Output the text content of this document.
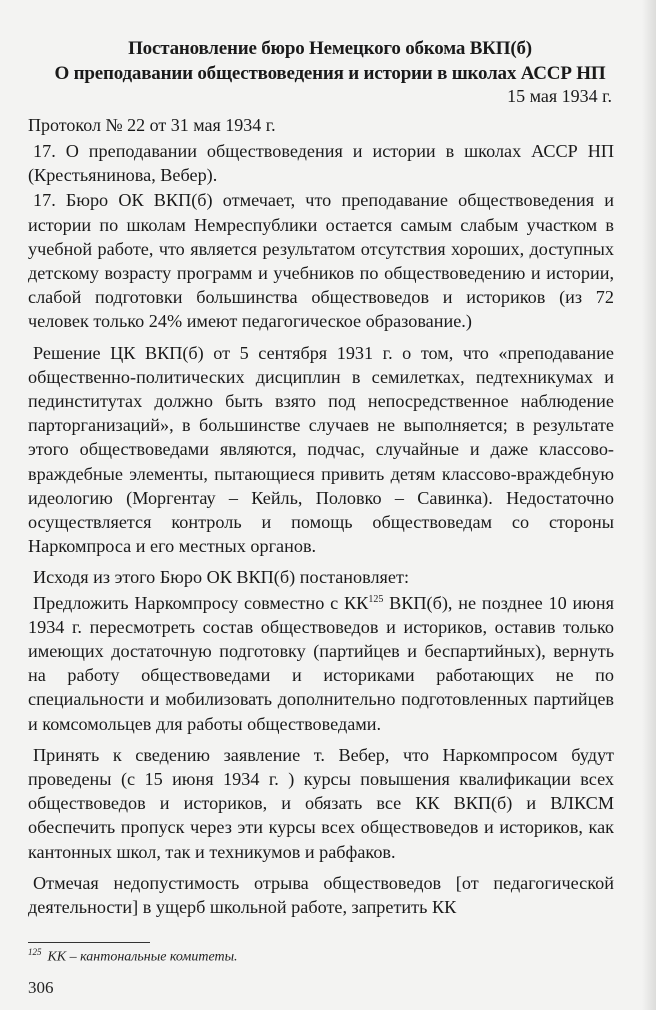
Постановление бюро Немецкого обкома ВКП(б)
О преподавании обществоведения и истории в школах АССР НП
15 мая 1934 г.
Протокол № 22 от 31 мая 1934 г.

17. О преподавании обществоведения и истории в школах АССР НП (Крестьянинова, Вебер).

17. Бюро ОК ВКП(б) отмечает, что преподавание обществоведения и истории по школам Немреспублики остается самым слабым участком в учебной работе, что является результатом отсутствия хороших, доступных детскому возрасту программ и учебников по обществоведению и истории, слабой подготовки большинства обществоведов и историков (из 72 человек только 24% имеют педагогическое образование.)

Решение ЦК ВКП(б) от 5 сентября 1931 г. о том, что «преподавание общественно-политических дисциплин в семилетках, педтехникумах и пединститутах должно быть взято под непосредственное наблюдение парторганизаций», в большинстве случаев не выполняется; в результате этого обществоведами являются, подчас, случайные и даже классово-враждебные элементы, пытающиеся привить детям классово-враждебную идеологию (Моргентау – Кейль, Половко – Савинка). Недостаточно осуществляется контроль и помощь обществоведам со стороны Наркомпроса и его местных органов.

Исходя из этого Бюро ОК ВКП(б) постановляет:

Предложить Наркомпросу совместно с КК$^{125}$ ВКП(б), не позднее 10 июня 1934 г. пересмотреть состав обществоведов и историков, оставив только имеющих достаточную подготовку (партийцев и беспартийных), вернуть на работу обществоведами и историками работающих не по специальности и мобилизовать дополнительно подготовленных партийцев и комсомольцев для работы обществоведами.

Принять к сведению заявление т. Вебер, что Наркомпросом будут проведены (с 15 июня 1934 г. ) курсы повышения квалификации всех обществоведов и историков, и обязать все КК ВКП(б) и ВЛКСМ обеспечить пропуск через эти курсы всех обществоведов и историков, как кантонных школ, так и техникумов и рабфаков.

Отмечая недопустимость отрыва обществоведов [от педагогической деятельности] в ущерб школьной работе, запретить КК

$^{125}$ КК – кантональные комитеты.
306
